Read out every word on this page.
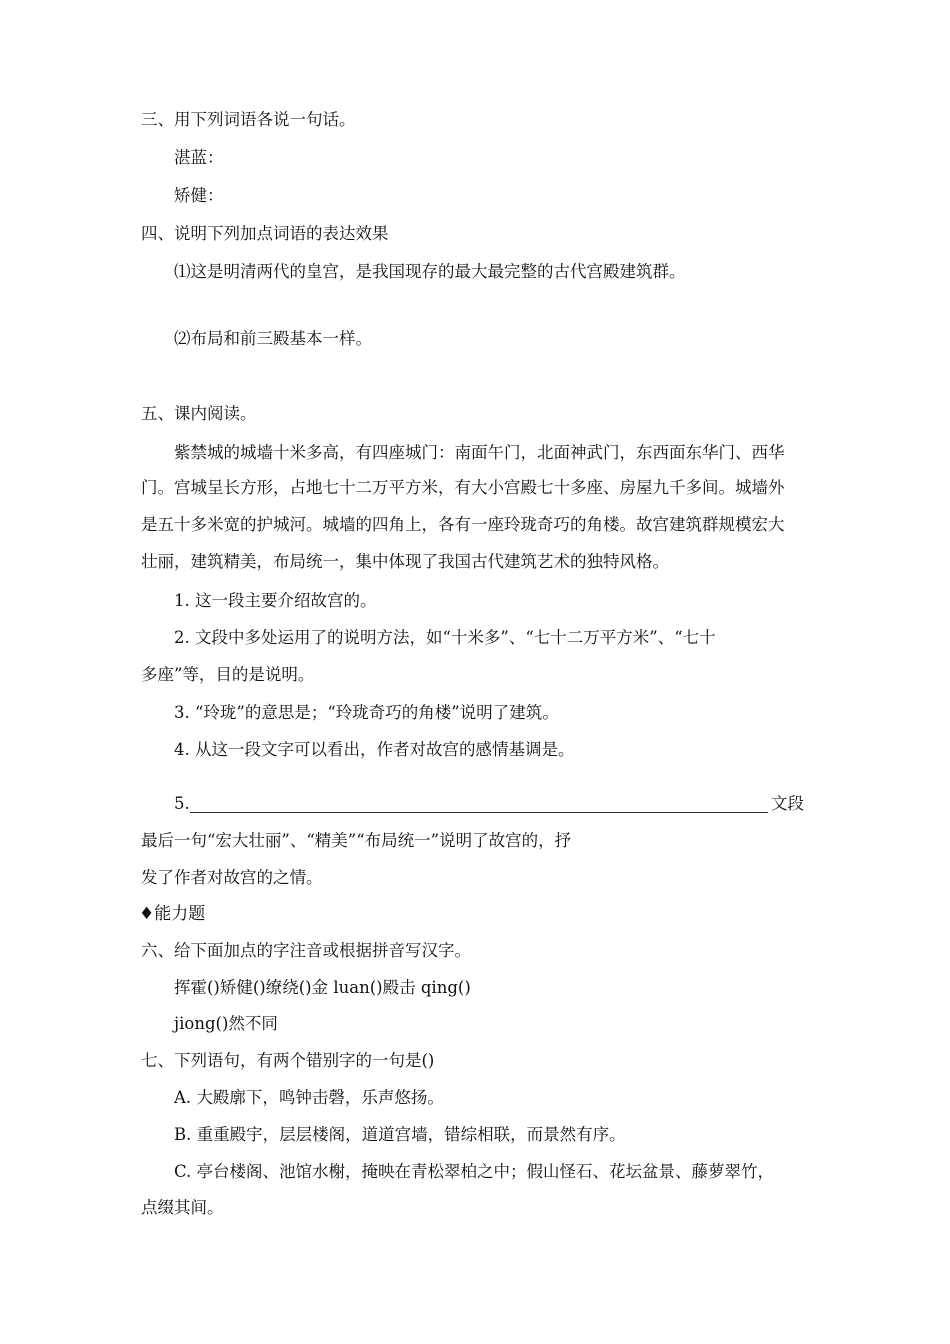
三、用下列词语各说一句话。
湛蓝：
矫健：
四、说明下列加点词语的表达效果
⑴这是明清两代的皇宫，是我国现存的最大最完整的古代宫殿建筑群。
⑵布局和前三殿基本一样。
五、课内阅读。
紫禁城的城墙十米多高，有四座城门：南面午门，北面神武门，东西面东华门、西华
门。宫城呈长方形，占地七十二万平方米，有大小宫殿七十多座、房屋九千多间。城墙外
是五十多米宽的护城河。城墙的四角上，各有一座玲珑奇巧的角楼。故宫建筑群规模宏大
壮丽，建筑精美，布局统一，集中体现了我国古代建筑艺术的独特风格。
1. 这一段主要介绍故宫的。
2. 文段中多处运用了的说明方法，如“十米多”、“七十二万平方米”、“七十
多座”等，目的是说明。
3. “玲珑”的意思是；“玲珑奇巧的角楼”说明了建筑。
4. 从这一段文字可以看出，作者对故宫的感情基调是。
5.	文段
最后一句“宏大壮丽”、“精美”“布局统一”说明了故宫的，抒
发了作者对故宫的之情。
♦能力题
六、给下面加点的字注音或根据拼音写汉字。
挥霍()矫健()缭绕()金 luan()殿击 qing()
jiong()然不同
七、下列语句，有两个错别字的一句是()
A. 大殿廓下，鸣钟击磬，乐声悠扬。
B. 重重殿宇，层层楼阁，道道宫墙，错综相联，而景然有序。
C. 亭台楼阁、池馆水榭，掩映在青松翠柏之中；假山怪石、花坛盆景、藤萝翠竹，
点缀其间。
